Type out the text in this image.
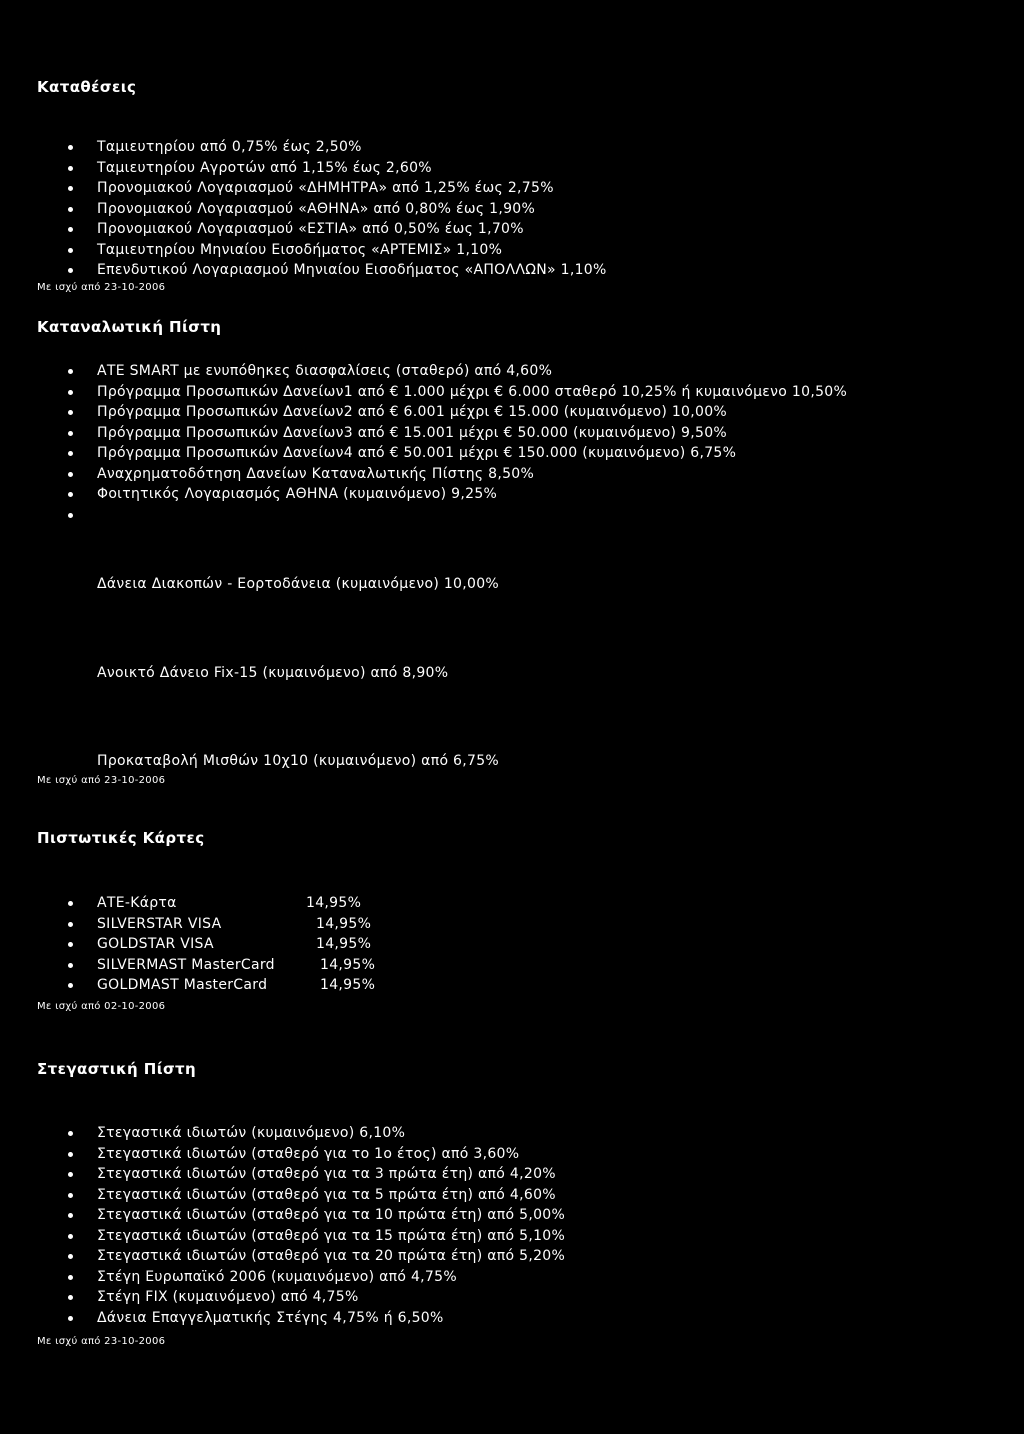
Καταθέσεις
Ταμιευτηρίου από 0,75% έως 2,50%
Ταμιευτηρίου Αγροτών από 1,15% έως 2,60%
Προνομιακού Λογαριασμού «ΔΗΜΗΤΡΑ» από 1,25% έως 2,75%
Προνομιακού Λογαριασμού «ΑΘΗΝΑ» από 0,80% έως 1,90%
Προνομιακού Λογαριασμού «ΕΣΤΙΑ» από 0,50% έως 1,70%
Ταμιευτηρίου Μηνιαίου Εισοδήματος «ΑΡΤΕΜΙΣ» 1,10%
Επενδυτικού Λογαριασμού Μηνιαίου Εισοδήματος «ΑΠΟΛΛΩΝ» 1,10%

Με ισχύ από 23-10-2006

Καταναλωτική Πίστη
ΑΤΕ SMART με ενυπόθηκες διασφαλίσεις (σταθερό) από 4,60%
Πρόγραμμα Προσωπικών Δανείων1 από € 1.000 μέχρι € 6.000 σταθερό 10,25% ή κυμαινόμενο 10,50%
Πρόγραμμα Προσωπικών Δανείων2 από € 6.001 μέχρι € 15.000 (κυμαινόμενο) 10,00%
Πρόγραμμα Προσωπικών Δανείων3 από € 15.001 μέχρι € 50.000 (κυμαινόμενο) 9,50%
Πρόγραμμα Προσωπικών Δανείων4 από € 50.001 μέχρι € 150.000 (κυμαινόμενο) 6,75%
Αναχρηματοδότηση Δανείων Καταναλωτικής Πίστης 8,50%
Φοιτητικός Λογαριασμός ΑΘΗΝΑ (κυμαινόμενο) 9,25%

Δάνεια Διακοπών - Εορτοδάνεια (κυμαινόμενο) 10,00%

Ανοικτό Δάνειο Fix-15 (κυμαινόμενο) από 8,90%

Προκαταβολή Μισθών 10χ10 (κυμαινόμενο) από 6,75%

Με ισχύ από 23-10-2006

Πιστωτικές Κάρτες
ΑΤΕ-Κάρτα	14,95%
SILVERSTAR VISA	14,95%
GOLDSTAR VISA	14,95%
SILVERMAST MasterCard	14,95%
GOLDMAST MasterCard	14,95%

Με ισχύ από 02-10-2006

Στεγαστική Πίστη
Στεγαστικά ιδιωτών (κυμαινόμενο) 6,10%
Στεγαστικά ιδιωτών (σταθερό για το 1ο έτος) από 3,60%
Στεγαστικά ιδιωτών (σταθερό για τα 3 πρώτα έτη) από 4,20%
Στεγαστικά ιδιωτών (σταθερό για τα 5 πρώτα έτη) από 4,60%
Στεγαστικά ιδιωτών (σταθερό για τα 10 πρώτα έτη) από 5,00%
Στεγαστικά ιδιωτών (σταθερό για τα 15 πρώτα έτη) από 5,10%
Στεγαστικά ιδιωτών (σταθερό για τα 20 πρώτα έτη) από 5,20%
Στέγη Ευρωπαϊκό 2006 (κυμαινόμενο) από 4,75%
Στέγη FIX (κυμαινόμενο) από 4,75%
Δάνεια Επαγγελματικής Στέγης 4,75% ή 6,50%

Με ισχύ από 23-10-2006
